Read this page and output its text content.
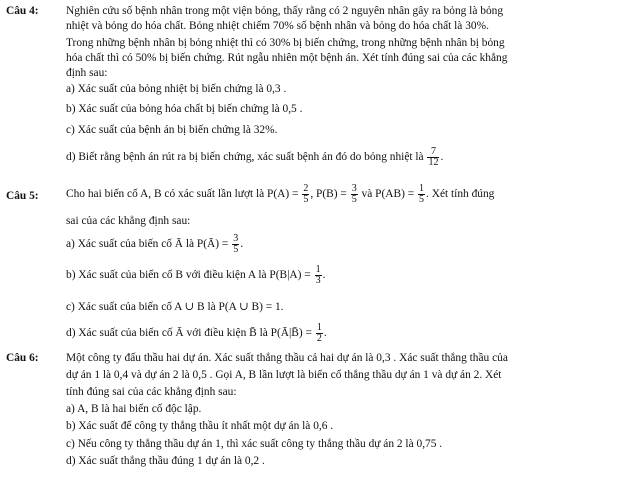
Câu 4: Nghiên cứu số bệnh nhân trong một viện bỏng, thấy rằng có 2 nguyên nhân gây ra bỏng là bỏng
nhiệt và bỏng do hóa chất. Bỏng nhiệt chiếm 70% số bệnh nhân và bỏng do hóa chất là 30%.
Trong những bệnh nhân bị bỏng nhiệt thì có 30% bị biến chứng, trong những bệnh nhân bị bỏng
hóa chất thì có 50% bị biến chứng. Rút ngẫu nhiên một bệnh án. Xét tính đúng sai của các khẳng
định sau:
a) Xác suất của bỏng nhiệt bị biến chứng là 0,3 .
b) Xác suất của bỏng hóa chất bị biến chứng là 0,5 .
c) Xác suất của bệnh án bị biến chứng là 32%.
d) Biết rằng bệnh án rút ra bị biến chứng, xác suất bệnh án đó do bỏng nhiệt là $\frac{7}{12}$ .
Câu 5: Cho hai biến cố A, B có xác suất lần lượt là $P(A) = \frac{2}{5}$ , $P(B) = \frac{3}{5}$ và $P(AB) = \frac{1}{5}$ . Xét tính đúng
sai của các khẳng định sau:
a) Xác suất của biến cố Ā là P(Ā) = $\frac{3}{5}$ .
b) Xác suất của biến cố B với điều kiện A là $P(B|A) = \frac{1}{3}$ .
c) Xác suất của biến cố A ∪ B là P(A ∪ B) = 1.
d) Xác suất của biến cố Ā với điều kiện B̄ là P(Ā|B̄) = $\frac{1}{2}$ .
Câu 6: Một công ty đấu thầu hai dự án. Xác suất thắng thầu cả hai dự án là 0,3 . Xác suất thắng thầu của
dự án 1 là 0,4 và dự án 2 là 0,5 . Gọi A, B lần lượt là biến cố thắng thầu dự án 1 và dự án 2. Xét
tính đúng sai của các khẳng định sau:
a) A, B là hai biến cố độc lập.
b) Xác suất để công ty thắng thầu ít nhất một dự án là 0,6 .
c) Nếu công ty thắng thầu dự án 1, thì xác suất công ty thắng thầu dự án 2 là 0,75 .
d) Xác suất thắng thầu đúng 1 dự án là 0,2 .
